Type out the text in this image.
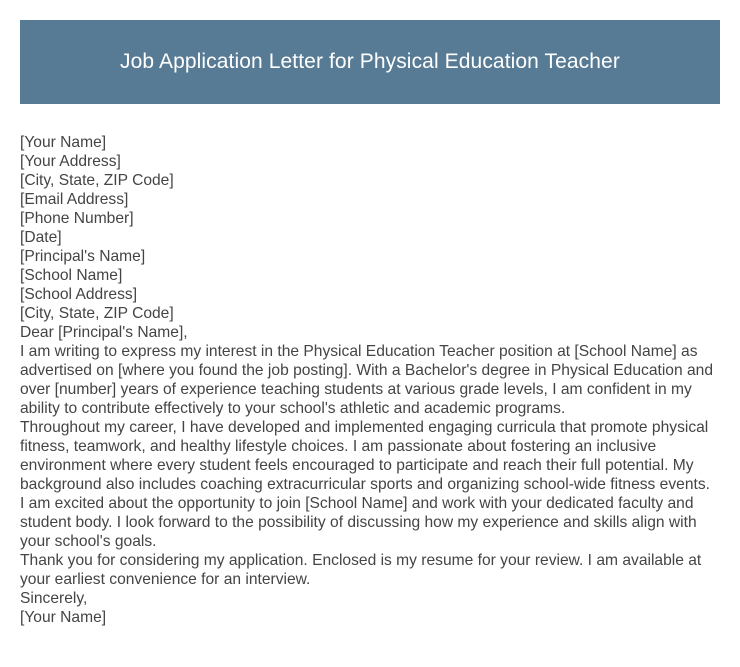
Job Application Letter for Physical Education Teacher

[Your Name]

[Your Address]

[City, State, ZIP Code]

[Email Address]

[Phone Number]

[Date]

[Principal's Name]

[School Name]

[School Address]

[City, State, ZIP Code]

Dear [Principal's Name],

I am writing to express my interest in the Physical Education Teacher position at [School Name] as advertised on [where you found the job posting]. With a Bachelor's degree in Physical Education and over [number] years of experience teaching students at various grade levels, I am confident in my ability to contribute effectively to your school's athletic and academic programs.

Throughout my career, I have developed and implemented engaging curricula that promote physical fitness, teamwork, and healthy lifestyle choices. I am passionate about fostering an inclusive environment where every student feels encouraged to participate and reach their full potential. My background also includes coaching extracurricular sports and organizing school-wide fitness events.

I am excited about the opportunity to join [School Name] and work with your dedicated faculty and student body. I look forward to the possibility of discussing how my experience and skills align with your school's goals.

Thank you for considering my application. Enclosed is my resume for your review. I am available at your earliest convenience for an interview.

Sincerely,

[Your Name]
